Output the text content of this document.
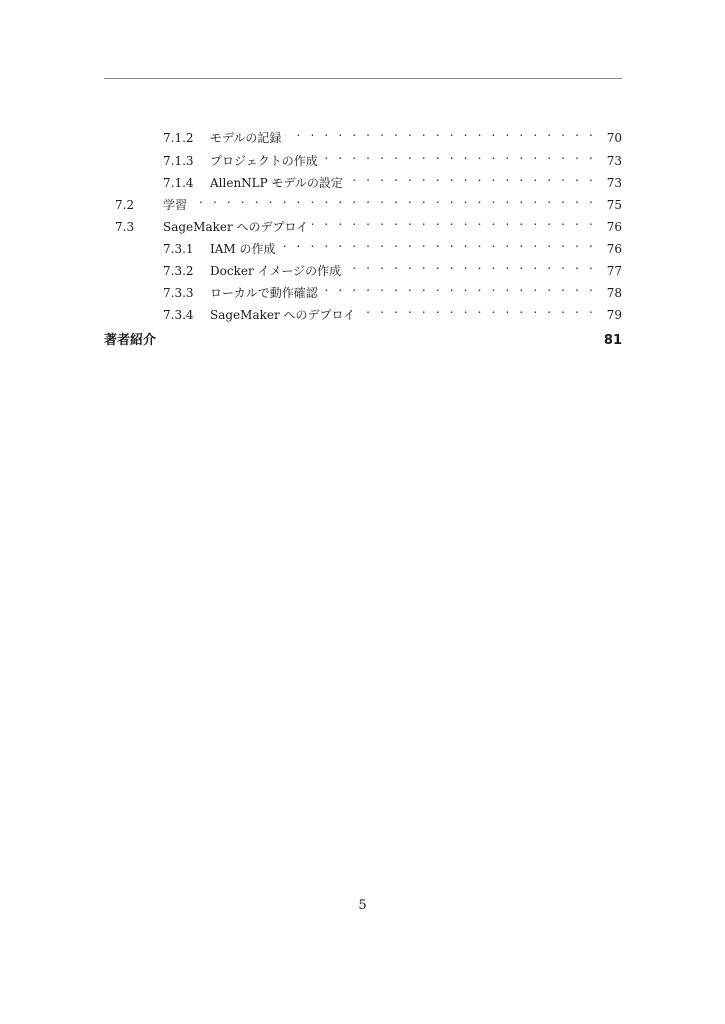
7.1.2	モデルの記録 . . .	70
7.1.3	プロジェクトの作成 . . .	73
7.1.4	AllenNLP モデルの設定 . . .	73
7.2	学習 . . .	75
7.3	SageMaker へのデプロイ . . .	76
7.3.1	IAM の作成 . . .	76
7.3.2	Docker イメージの作成 . . .	77
7.3.3	ローカルで動作確認 . . .	78
7.3.4	SageMaker へのデプロイ . . .	79
著者紹介	81
5
